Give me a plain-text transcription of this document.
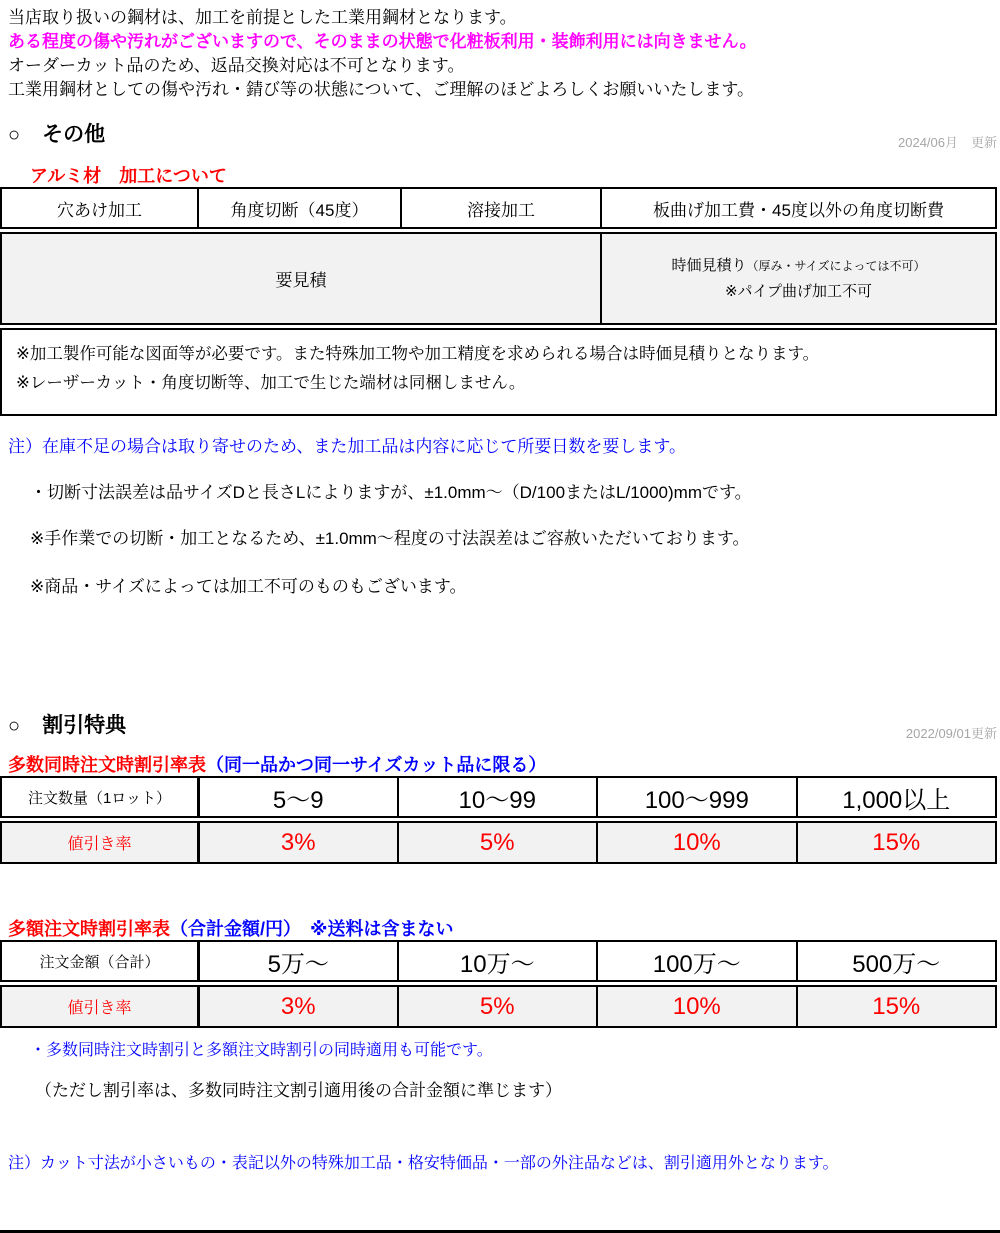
当店取り扱いの鋼材は、加工を前提とした工業用鋼材となります。
ある程度の傷や汚れがございますので、そのままの状態で化粧板利用・装飾利用には向きません。
オーダーカット品のため、返品交換対応は不可となります。
工業用鋼材としての傷や汚れ・錆び等の状態について、ご理解のほどよろしくお願いいたします。
○ その他	2024/06月　更新
アルミ材　加工について
穴あけ加工	角度切断（45度）	溶接加工	板曲げ加工費・45度以外の角度切断費
要見積
時価見積り（厚み・サイズによっては不可）
※パイプ曲げ加工不可
※加工製作可能な図面等が必要です。また特殊加工物や加工精度を求められる場合は時価見積りとなります。
※レーザーカット・角度切断等、加工で生じた端材は同梱しません。
注）在庫不足の場合は取り寄せのため、また加工品は内容に応じて所要日数を要します。
・切断寸法誤差は品サイズDと長さLによりますが、±1.0mm～（D/100またはL/1000)mmです。
※手作業での切断・加工となるため、±1.0mm～程度の寸法誤差はご容赦いただいております。
※商品・サイズによっては加工不可のものもございます。
○ 割引特典	2022/09/01更新
多数同時注文時割引率表（同一品かつ同一サイズカット品に限る）
注文数量（1ロット）	5～9	10～99	100～999	1,000以上
値引き率	3%	5%	10%	15%
多額注文時割引率表（合計金額/円）　※送料は含まない
注文金額（合計）	5万～	10万～	100万～	500万～
値引き率	3%	5%	10%	15%
・多数同時注文時割引と多額注文時割引の同時適用も可能です。
（ただし割引率は、多数同時注文割引適用後の合計金額に準じます）
注）カット寸法が小さいもの・表記以外の特殊加工品・格安特価品・一部の外注品などは、割引適用外となります。
